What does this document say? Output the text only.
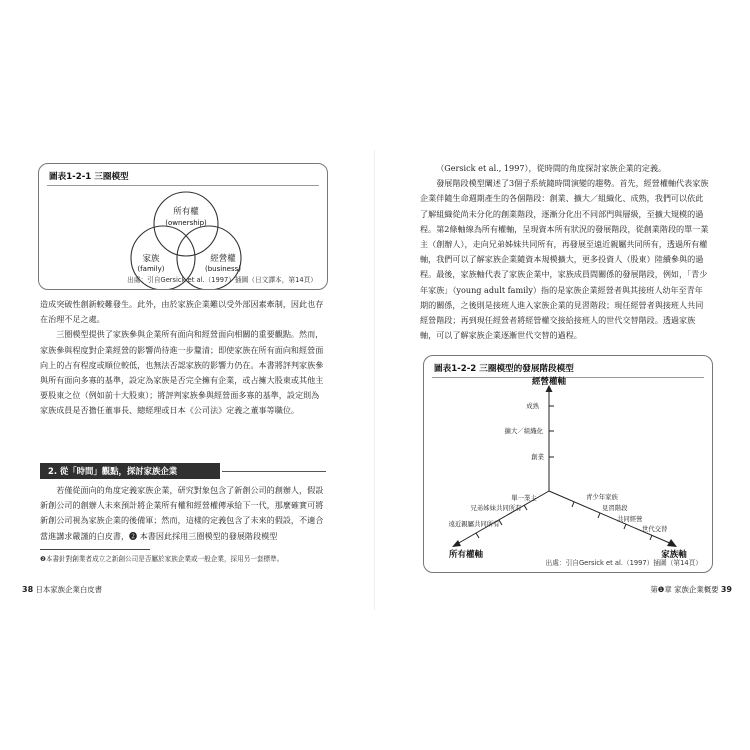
圖表1-2-1 三圈模型
所有權
(ownership)
家族
(family)
經營權
(business)
出處：引自Gersick et al.（1997）插圖（日文譯本，第14頁）

造成突破性創新較難發生。此外，由於家族企業難以受外部因素牽制，因此也存在治理不足之處。

三圈模型提供了家族參與企業所有面向和經營面向相關的重要觀點。然而，家族參與程度對企業經營的影響尚待進一步釐清；即使家族在所有面向和經營面向上的占有程度或順位較低，也無法否認家族的影響力仍在。本書將評判家族參與所有面向多寡的基準，設定為家族是否完全擁有企業，或占擁大股東或其他主要股東之位（例如前十大股東）；將評判家族參與經營面多寡的基準，設定則為家族成員是否擔任董事長、總經理或日本《公司法》定義之董事等職位。

2. 從「時間」觀點，探討家族企業

若僅從面向的角度定義家族企業，研究對象包含了新創公司的創辦人，假設新創公司的創辦人未來預計將企業所有權和經營權傳承給下一代，那麼確實可將新創公司視為家族企業的後備軍；然而，這樣的定義包含了未來的假設，不適合當進講求嚴謹的白皮書，❷ 本書因此採用三圈模型的發展階段模型

❷本書針對創業者成立之新創公司是否屬於家族企業或一般企業，採用另一套標準。
38 日本家族企業白皮書

（Gersick et al., 1997），從時間的角度探討家族企業的定義。

發展階段模型闡述了3個子系統隨時間演變的趨勢。首先，經營權軸代表家族企業伴隨生命週期產生的各個階段：創業、擴大／組織化、成熟，我們可以依此了解組織從尚未分化的創業階段，逐漸分化出不同部門與層級，至擴大規模的過程。第2條軸線為所有權軸，呈現資本所有狀況的發展階段，從創業階段的單一業主（創辦人），走向兄弟姊妹共同所有，再發展至遠近親屬共同所有，透過所有權軸，我們可以了解家族企業隨資本規模擴大，更多投資人（股東）陸續參與的過程。最後，家族軸代表了家族企業中，家族成員間關係的發展階段，例如，「青少年家族」（young adult family）指的是家族企業經營者與其接班人幼年至青年期的關係，之後則是接班人進入家族企業的見習階段；現任經營者與接班人共同經營階段；再到現任經營者將經營權交接給接班人的世代交替階段。透過家族軸，可以了解家族企業逐漸世代交替的過程。

圖表1-2-2 三圈模型的發展階段模型
經營權軸
所有權軸	家族軸
成熟
擴大／組織化
創業
單一業主
兄弟姊妹共同所有
遠近親屬共同所有
青少年家族
見習階段
共同經營
世代交替
出處：引自Gersick et al.（1997）插圖（第14頁）
第❶章 家族企業概要 39
